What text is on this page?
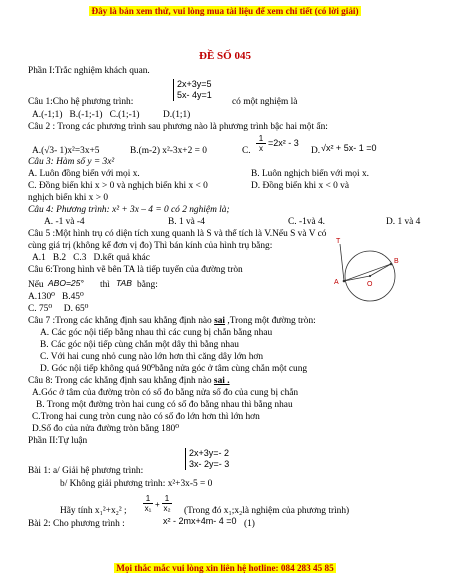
Đây là bản xem thử, vui lòng mua tài liệu để xem chi tiết (có lời giải)
ĐỀ SỐ 045
Phần I:Trắc nghiệm khách quan.
Câu 1:Cho hệ phương trình:
2x+3y=5
5x- 4y=1
có một nghiệm là
A.(-1;1)   B.(-1;-1)   C.(1;-1)          D.(1;1)
Câu 2 : Trong các phương trình sau phương nào là phương trình bậc hai một ẩn:
A.(√3- 1)x²=3x+5	B.(m-2) x²-3x+2 = 0	C. $\frac{1}{x} =2x^2 - 3$
D. √x² + 5x- 1 =0
Câu 3: Hàm số y = 3x²
A. Luôn đồng biến với mọi x.	B. Luôn nghịch biến với mọi x.
C. Đồng biến khi x > 0 và nghịch biến khi x < 0	D. Đồng biến khi x < 0 và
nghịch biến khi x > 0
Câu 4: Phương trình: x² + 3x – 4 = 0 có 2 nghiệm là;
A. -1 và -4	B. 1 và -4	C. -1và 4.	D. 1 và 4
Câu 5 :Một hình trụ có diện tích xung quanh là S và thể tích là V.Nếu S và V có
cùng giá trị (không kể đơn vị đo) Thì bán kính của hình trụ bằng:
A.1   B.2   C.3   D.kết quả khác
Câu 6:Trong hình vẽ bên TA là tiếp tuyến của đường tròn
Nếu ABO=25°	thì TAB bằng:
A.130⁰   B.45⁰
C. 75⁰     D. 65⁰
T
B
A	O
Câu 7 :Trong các khẳng định sau khẳng định nào sai ,Trong một đường tròn:
A. Các góc nội tiếp bằng nhau thì các cung bị chắn bằng nhau
B. Các góc nội tiếp cùng chắn một dây thì bằng nhau
C. Với hai cung nhỏ cung nào lớn hơn thì căng dây lớn hơn
D. Góc nội tiếp không quá 90⁰bằng nửa góc ở tâm cùng chắn một cung
Câu 8: Trong các khẳng định sau khẳng định nào sai .
A.Góc ở tâm của đường tròn có số đo bằng nửa số đo của cung bị chắn
B. Trong một đường tròn hai cung có số đo bằng nhau thì bằng nhau
C.Trong hai cung tròn cung nào có số đo lớn hơn thì lớn hơn
D.Số đo của nửa đường tròn bằng 180⁰
Phần II:Tự luận
Bài 1: a/ Giải hệ phương trình:
2x+3y=- 2
3x- 2y=- 3
b/ Không giải phương trình: x²+3x-5 = 0
Hãy tính x₁²+x₂² ;	$\frac{1}{\text{x₁}} + \frac{1}{\text{x₂}}$ (Trong đó x₁;x₂là nghiệm của phương trình)
Bài 2: Cho phương trình :	x² - 2mx+4m- 4 =0 (1)
Mọi thắc mắc vui lòng xin liên hệ hotline: 084 283 45 85
